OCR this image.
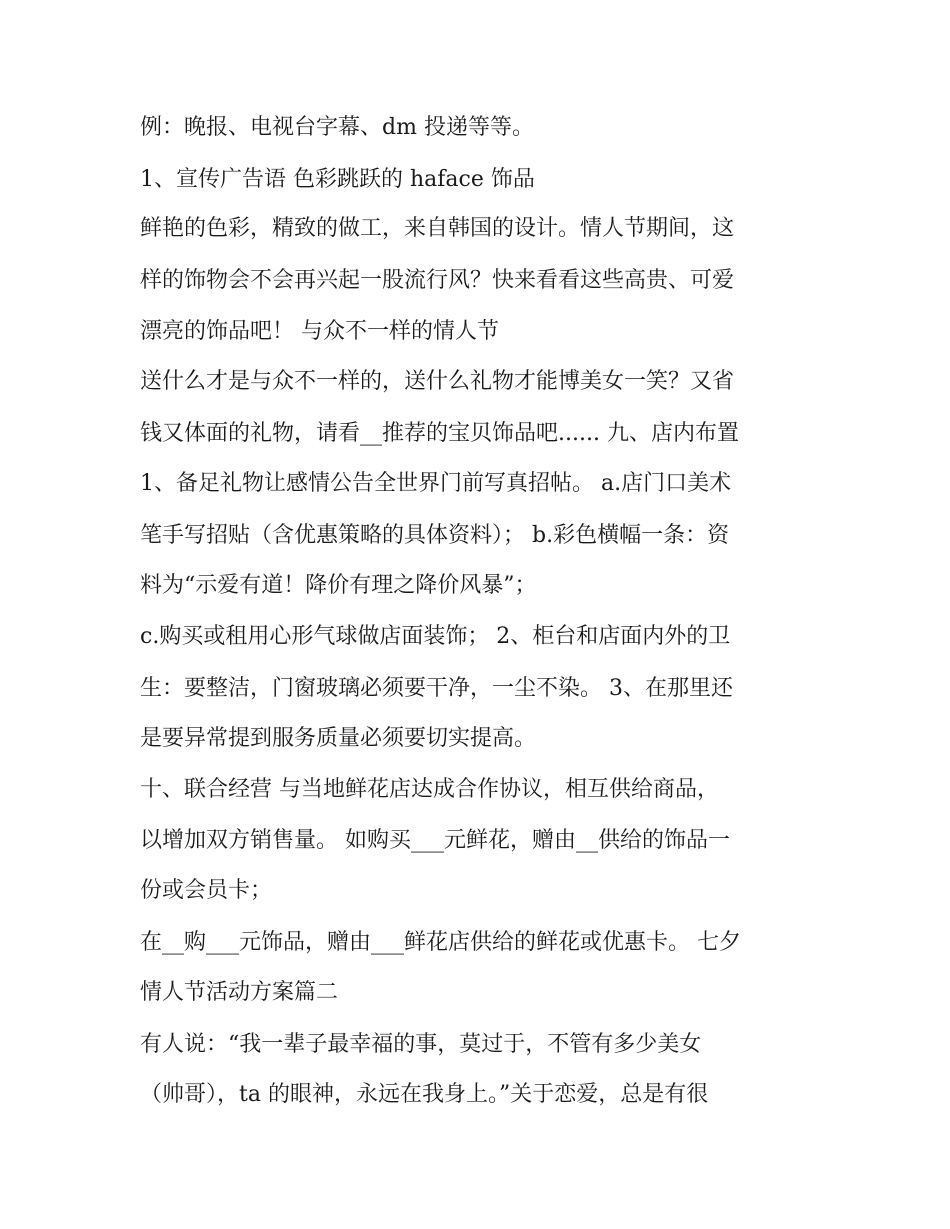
例：晚报、电视台字幕、dm 投递等等。
1、宣传广告语 色彩跳跃的 haface 饰品
鲜艳的色彩，精致的做工，来自韩国的设计。情人节期间，这
样的饰物会不会再兴起一股流行风？快来看看这些高贵、可爱
漂亮的饰品吧！ 与众不一样的情人节
送什么才是与众不一样的，送什么礼物才能博美女一笑？又省
钱又体面的礼物，请看__推荐的宝贝饰品吧...... 九、店内布置
1、备足礼物让感情公告全世界门前写真招帖。 a.店门口美术
笔手写招贴（含优惠策略的具体资料）； b.彩色横幅一条：资
料为“示爱有道！降价有理之降价风暴”；
c.购买或租用心形气球做店面装饰； 2、柜台和店面内外的卫
生：要整洁，门窗玻璃必须要干净，一尘不染。 3、在那里还
是要异常提到服务质量必须要切实提高。
十、联合经营 与当地鲜花店达成合作协议，相互供给商品，
以增加双方销售量。 如购买___元鲜花，赠由__供给的饰品一
份或会员卡；
在__购___元饰品，赠由___鲜花店供给的鲜花或优惠卡。 七夕
情人节活动方案篇二
有人说：“我一辈子最幸福的事，莫过于，不管有多少美女
（帅哥），ta 的眼神，永远在我身上。”关于恋爱，总是有很
